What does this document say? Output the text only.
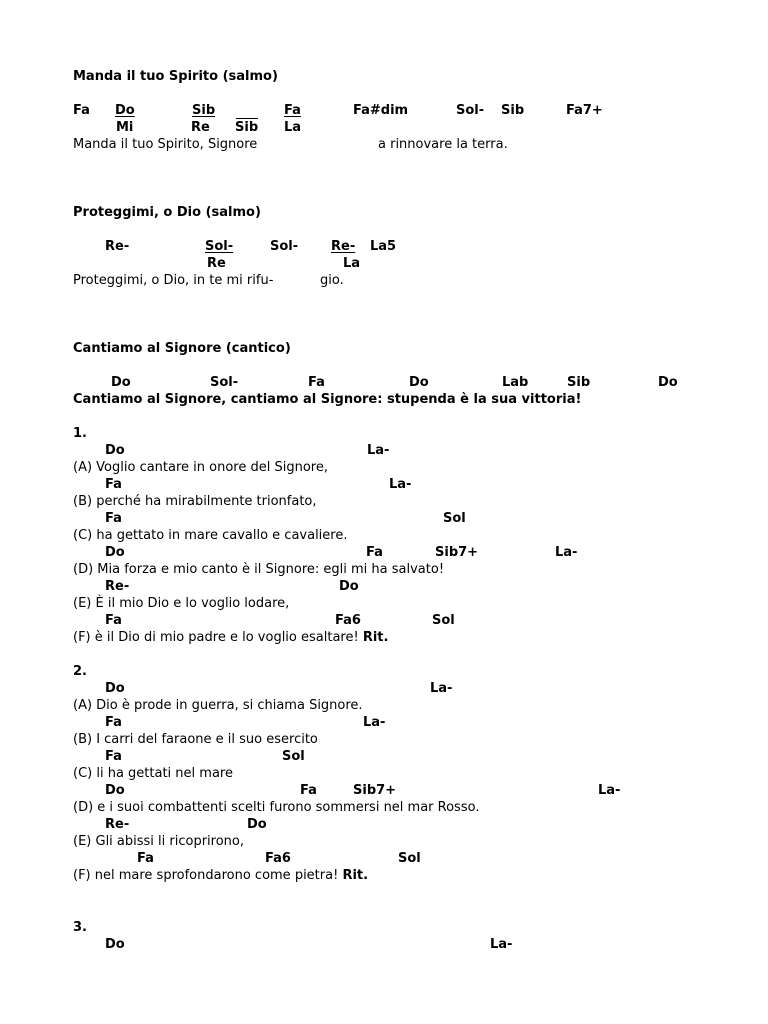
Manda il tuo Spirito (salmo)
Fa Do	Sib	Fa	Fa#dim	Sol- Sib	Fa7+
Mi	Re Sib La
Manda il tuo Spirito, Signore	a rinnovare la terra.
Proteggimi, o Dio (salmo)
Re-	Sol-	Sol-	Re- La5
Re	La
Proteggimi, o Dio, in te mi rifu-	gio.
Cantiamo al Signore (cantico)
Do	Sol-	Fa	Do	Lab	Sib	Do
Cantiamo al Signore, cantiamo al Signore: stupenda è la sua vittoria!
1.
Do	La-
(A) Voglio cantare in onore del Signore,
Fa	La-
(B) perché ha mirabilmente trionfato,
Fa	Sol
(C) ha gettato in mare cavallo e cavaliere.
Do	Fa	Sib7+	La-
(D) Mia forza e mio canto è il Signore: egli mi ha salvato!
Re-	Do
(E) È il mio Dio e lo voglio lodare,
Fa	Fa6	Sol
(F) è il Dio di mio padre e lo voglio esaltare! Rit.
2.
Do	La-
(A) Dio è prode in guerra, si chiama Signore.
Fa	La-
(B) I carri del faraone e il suo esercito
Fa	Sol
(C) li ha gettati nel mare
Do	Fa	Sib7+	La-
(D) e i suoi combattenti scelti furono sommersi nel mar Rosso.
Re-	Do
(E) Gli abissi li ricoprirono,
Fa	Fa6	Sol
(F) nel mare sprofondarono come pietra! Rit.
3.
Do	La-
